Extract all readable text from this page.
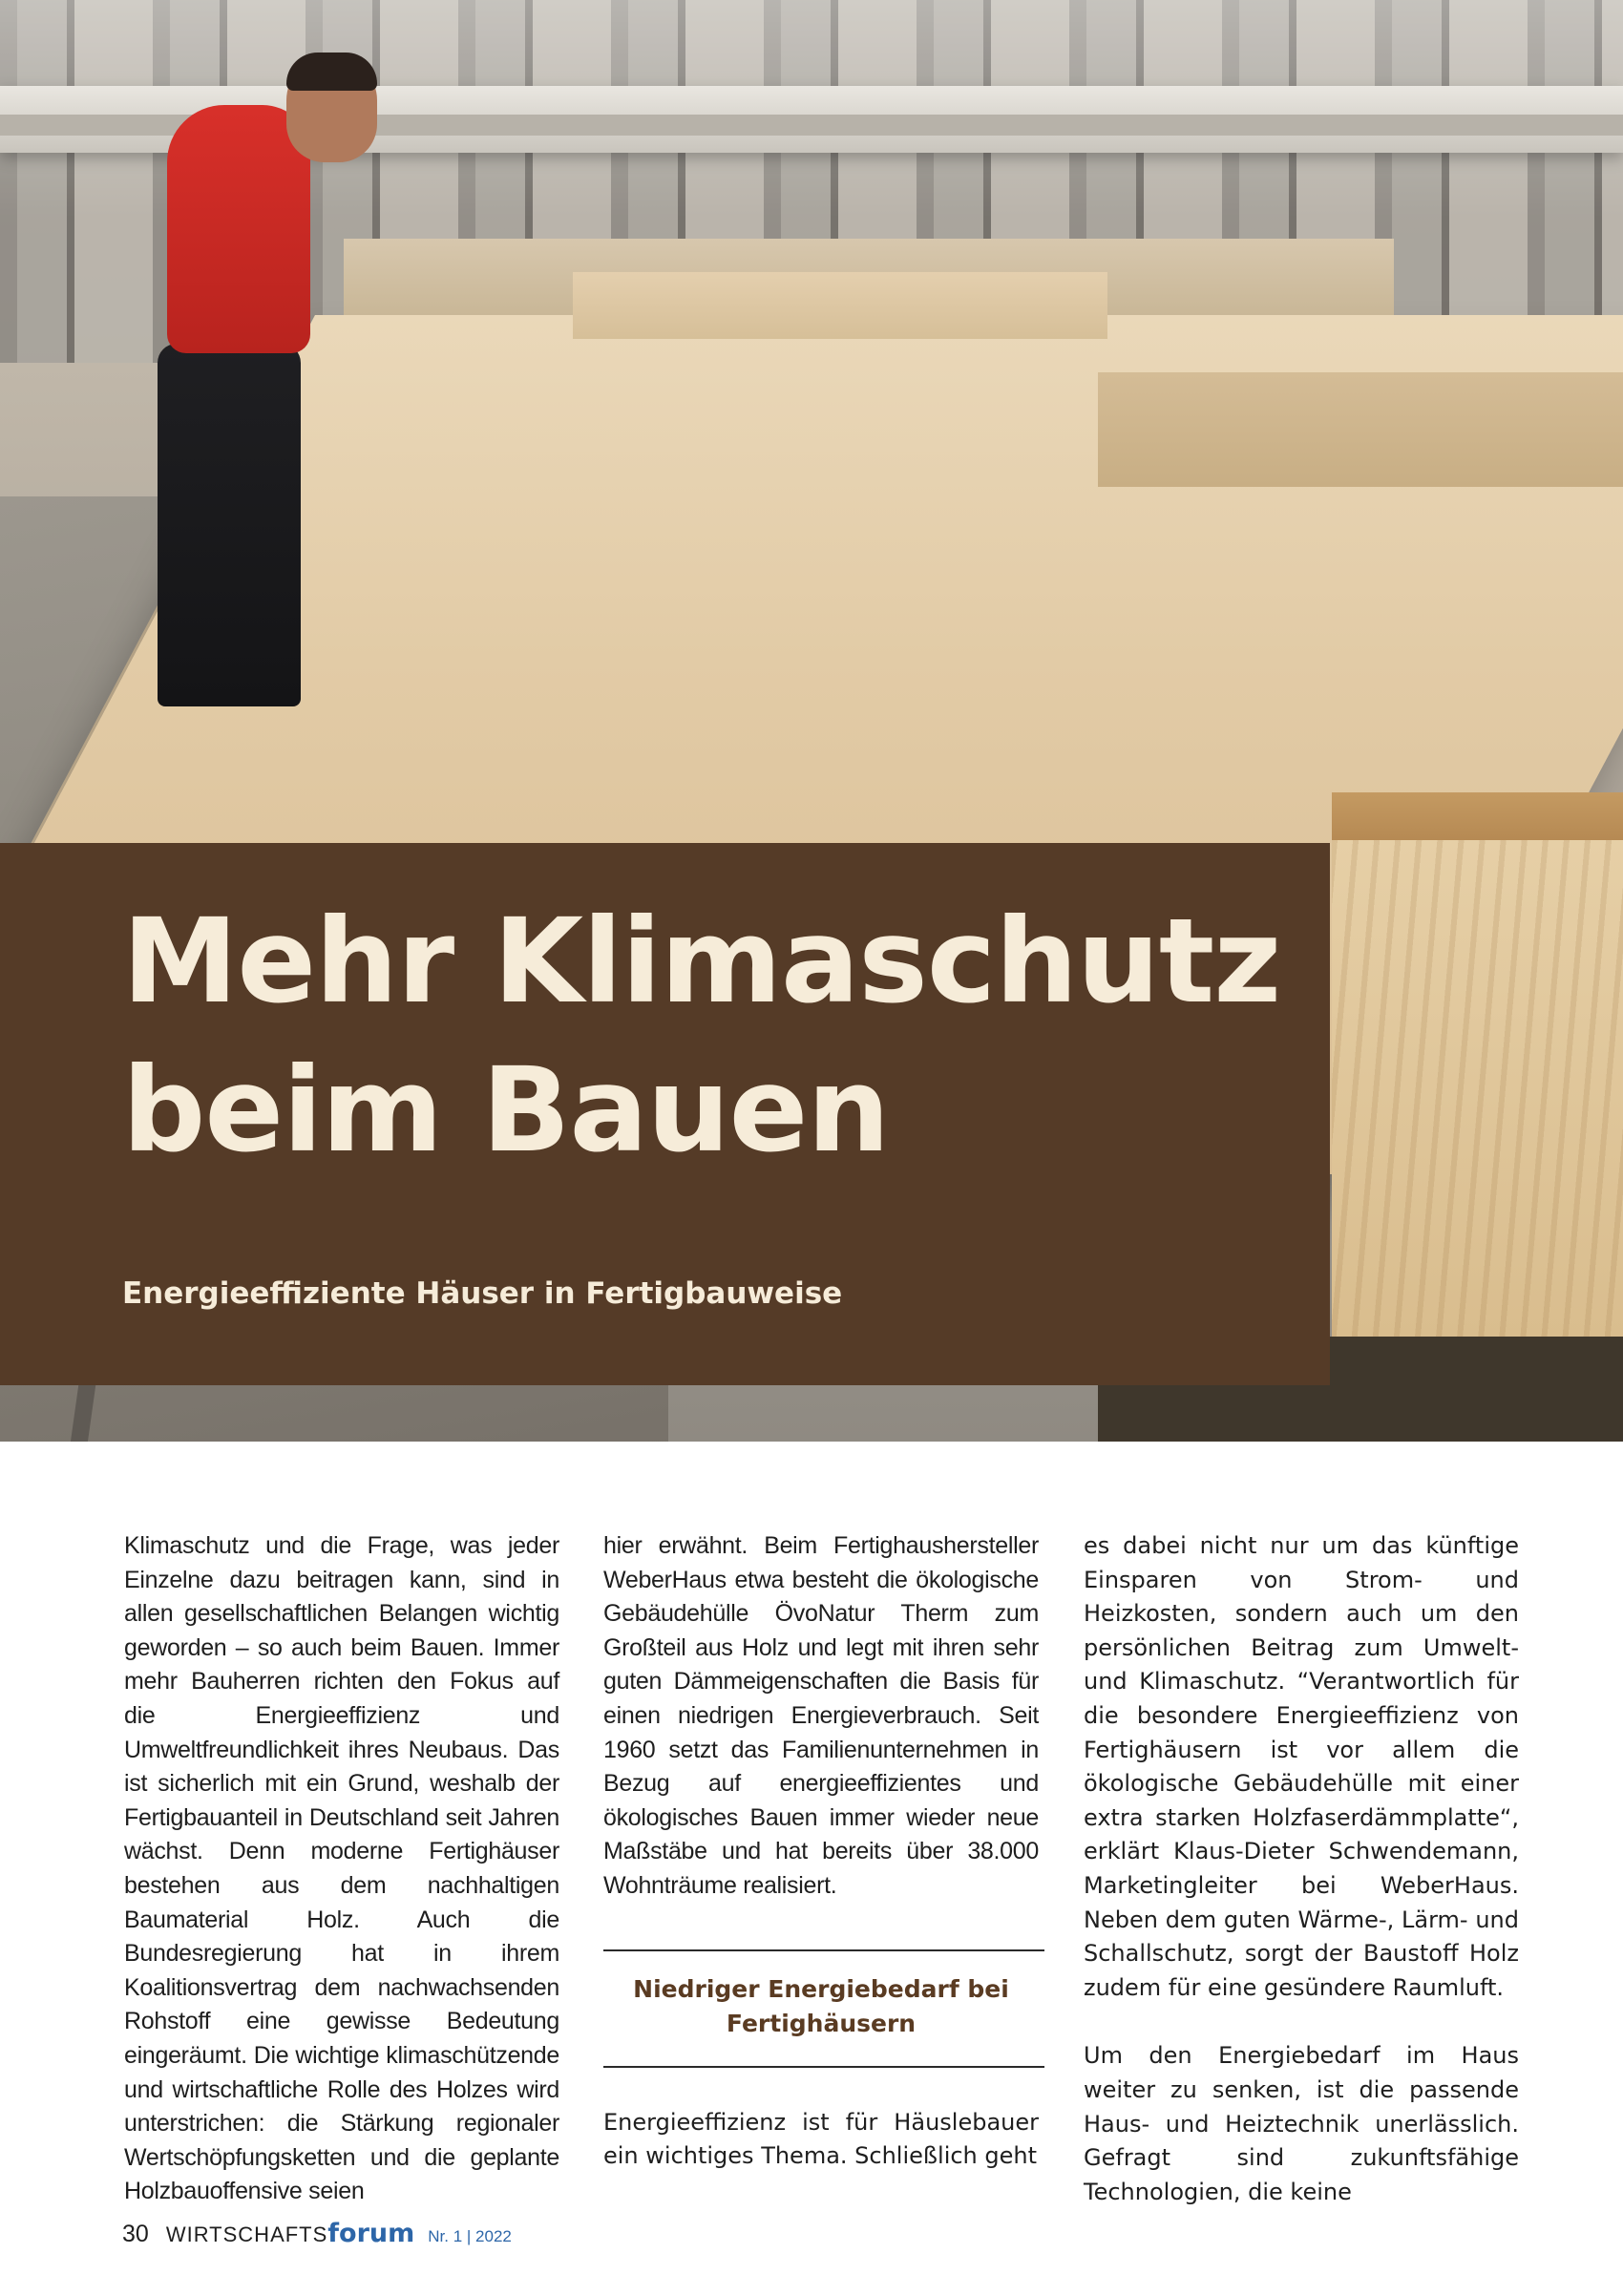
Mehr Klimaschutz
beim Bauen
Energieeffiziente Häuser in Fertigbauweise

Klimaschutz und die Frage, was jeder Einzelne dazu beitragen kann, sind in allen gesellschaftlichen Belangen wichtig geworden – so auch beim Bauen. Immer mehr Bauherren richten den Fokus auf die Energieeffizienz und Umweltfreundlichkeit ihres Neubaus. Das ist sicherlich mit ein Grund, weshalb der Fertigbauanteil in Deutschland seit Jahren wächst. Denn moderne Fertighäuser bestehen aus dem nachhaltigen Baumaterial Holz. Auch die Bundesregierung hat in ihrem Koalitionsvertrag dem nachwachsenden Rohstoff eine gewisse Bedeutung eingeräumt. Die wichtige klimaschützende und wirtschaftliche Rolle des Holzes wird unterstrichen: die Stärkung regionaler Wertschöpfungsketten und die geplante Holzbauoffensive seien

hier erwähnt. Beim Fertighaushersteller WeberHaus etwa besteht die ökologische Gebäudehülle ÖvoNatur Therm zum Großteil aus Holz und legt mit ihren sehr guten Dämmeigenschaften die Basis für einen niedrigen Energieverbrauch. Seit 1960 setzt das Familienunternehmen in Bezug auf energieeffizientes und ökologisches Bauen immer wieder neue Maßstäbe und hat bereits über 38.000 Wohnträume realisiert.

Niedriger Energiebedarf bei Fertighäusern

Energieeffizienz ist für Häuslebauer ein wichtiges Thema. Schließlich geht

es dabei nicht nur um das künftige Einsparen von Strom- und Heizkosten, sondern auch um den persönlichen Beitrag zum Umwelt- und Klimaschutz. “Verantwortlich für die besondere Energieeffizienz von Fertighäusern ist vor allem die ökologische Gebäudehülle mit einer extra starken Holzfaserdämmplatte“, erklärt Klaus-Dieter Schwendemann, Marketingleiter bei WeberHaus. Neben dem guten Wärme-, Lärm- und Schallschutz, sorgt der Baustoff Holz zudem für eine gesündere Raumluft.

Um den Energiebedarf im Haus weiter zu senken, ist die passende Haus- und Heiztechnik unerlässlich. Gefragt sind zukunftsfähige Technologien, die keine

30 WIRTSCHAFTS forum Nr. 1 | 2022
